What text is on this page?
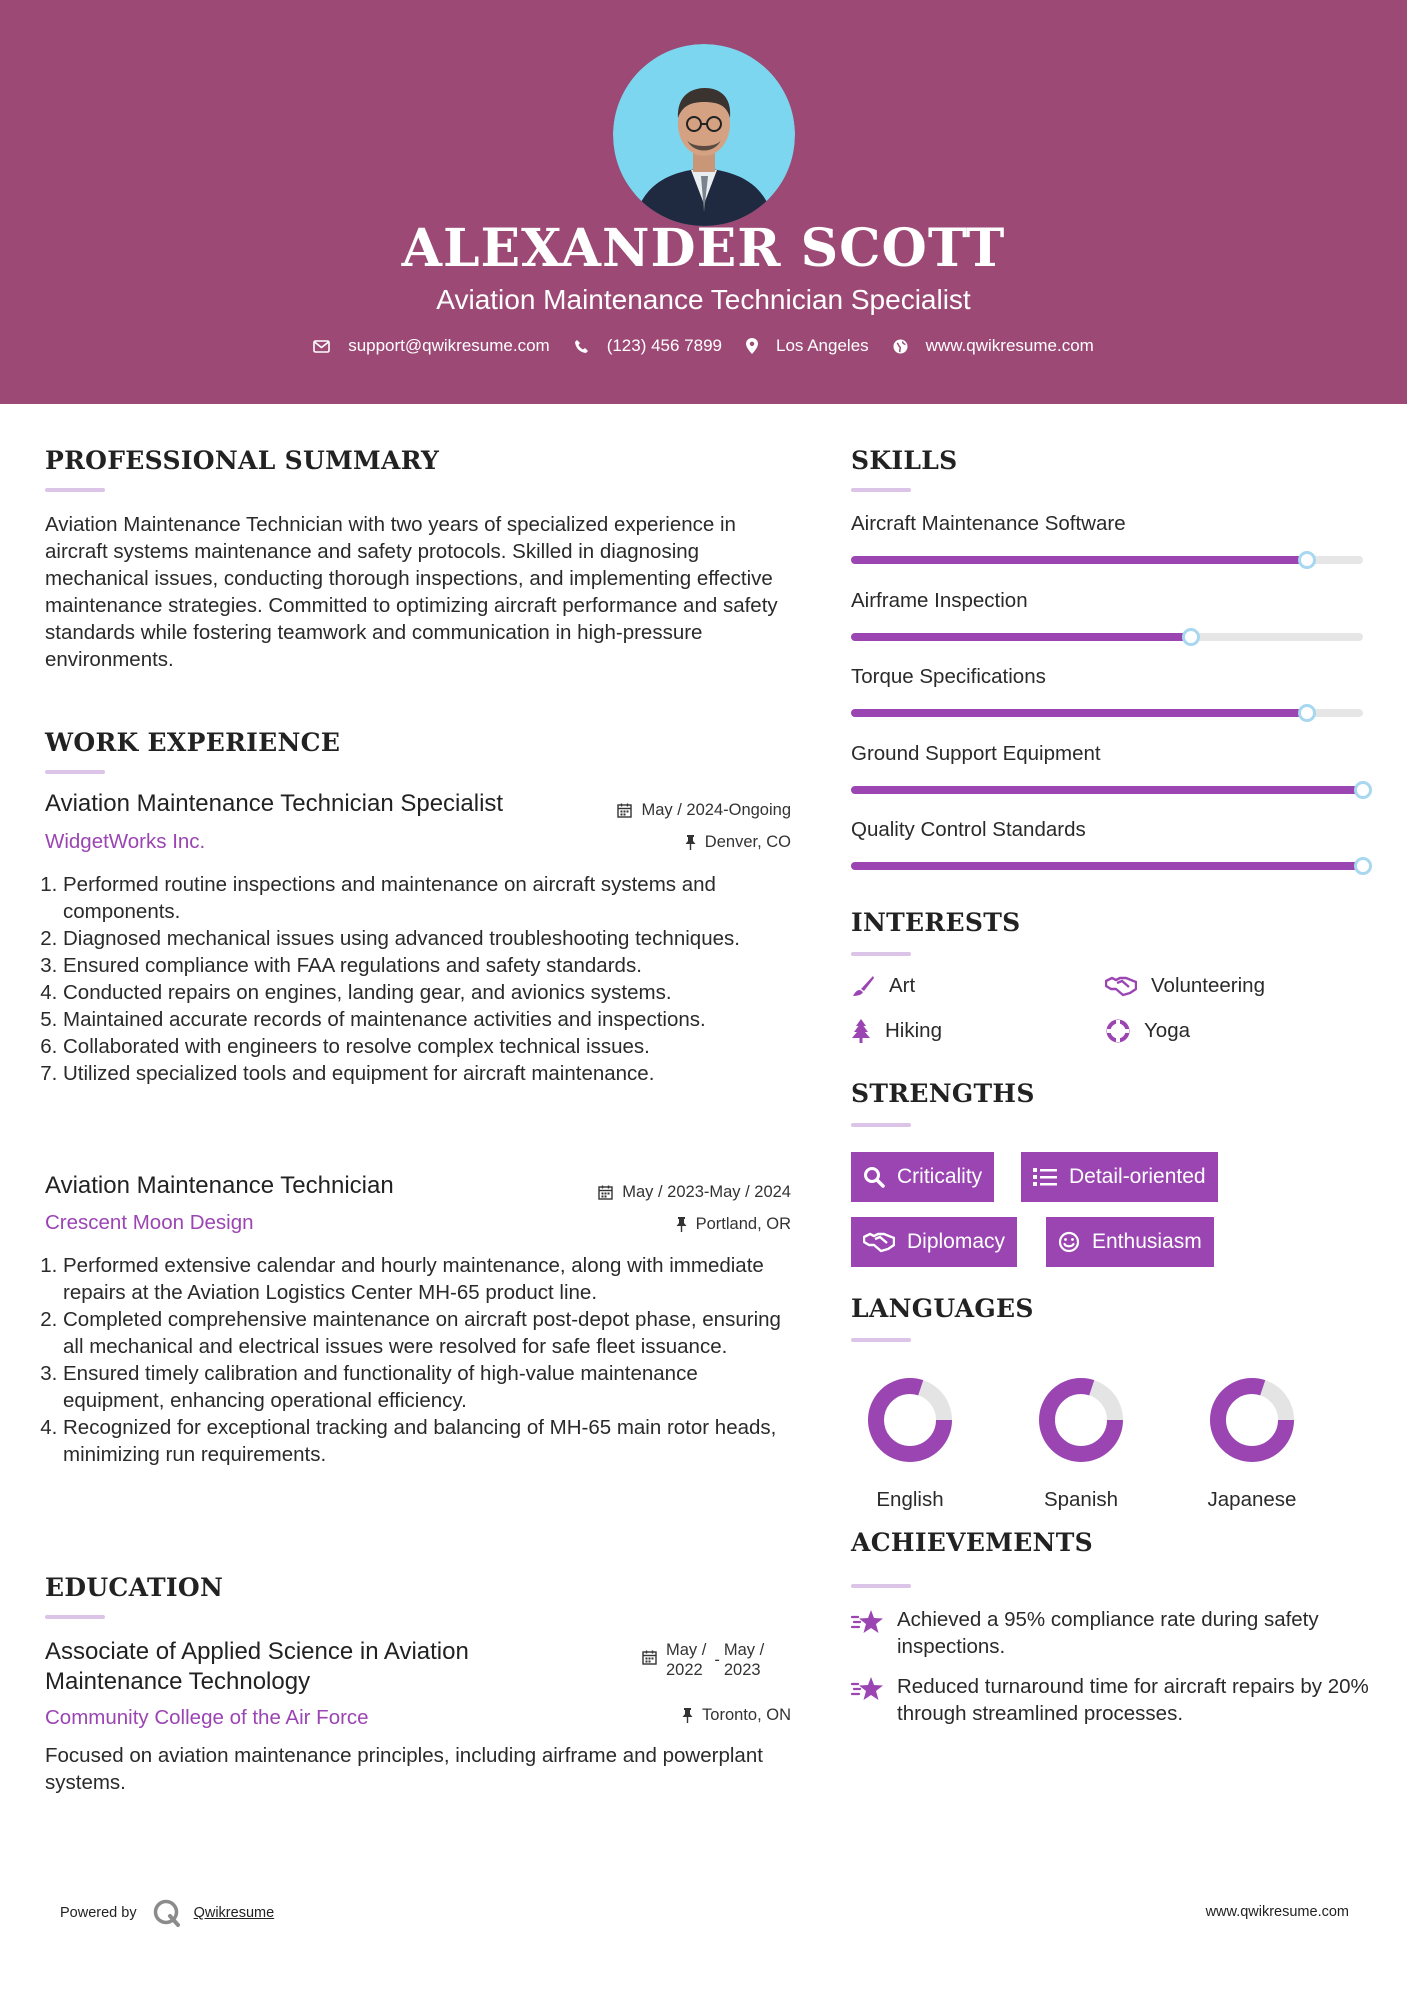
ALEXANDER SCOTT
Aviation Maintenance Technician Specialist
support@qwikresume.com	(123) 456 7899	Los Angeles	www.qwikresume.com
PROFESSIONAL SUMMARY
Aviation Maintenance Technician with two years of specialized experience in aircraft systems maintenance and safety protocols. Skilled in diagnosing mechanical issues, conducting thorough inspections, and implementing effective maintenance strategies. Committed to optimizing aircraft performance and safety standards while fostering teamwork and communication in high-pressure environments.
WORK EXPERIENCE
Aviation Maintenance Technician Specialist	May / 2024-Ongoing
WidgetWorks Inc.	Denver, CO
1. Performed routine inspections and maintenance on aircraft systems and components.
2. Diagnosed mechanical issues using advanced troubleshooting techniques.
3. Ensured compliance with FAA regulations and safety standards.
4. Conducted repairs on engines, landing gear, and avionics systems.
5. Maintained accurate records of maintenance activities and inspections.
6. Collaborated with engineers to resolve complex technical issues.
7. Utilized specialized tools and equipment for aircraft maintenance.
Aviation Maintenance Technician	May / 2023-May / 2024
Crescent Moon Design	Portland, OR
1. Performed extensive calendar and hourly maintenance, along with immediate repairs at the Aviation Logistics Center MH-65 product line.
2. Completed comprehensive maintenance on aircraft post-depot phase, ensuring all mechanical and electrical issues were resolved for safe fleet issuance.
3. Ensured timely calibration and functionality of high-value maintenance equipment, enhancing operational efficiency.
4. Recognized for exceptional tracking and balancing of MH-65 main rotor heads, minimizing run requirements.
EDUCATION
Associate of Applied Science in Aviation
Maintenance Technology
May /
2022
-
May /
2023
Community College of the Air Force	Toronto, ON
Focused on aviation maintenance principles, including airframe and powerplant systems.
SKILLS
Aircraft Maintenance Software
Airframe Inspection
Torque Specifications
Ground Support Equipment
Quality Control Standards
INTERESTS
Art	Volunteering
Hiking	Yoga
STRENGTHS
Criticality	Detail-oriented
Diplomacy	Enthusiasm
LANGUAGES
English	Spanish	Japanese
ACHIEVEMENTS
Achieved a 95% compliance rate during safety inspections.
Reduced turnaround time for aircraft repairs by 20% through streamlined processes.
Powered by	Qwikresume	www.qwikresume.com
